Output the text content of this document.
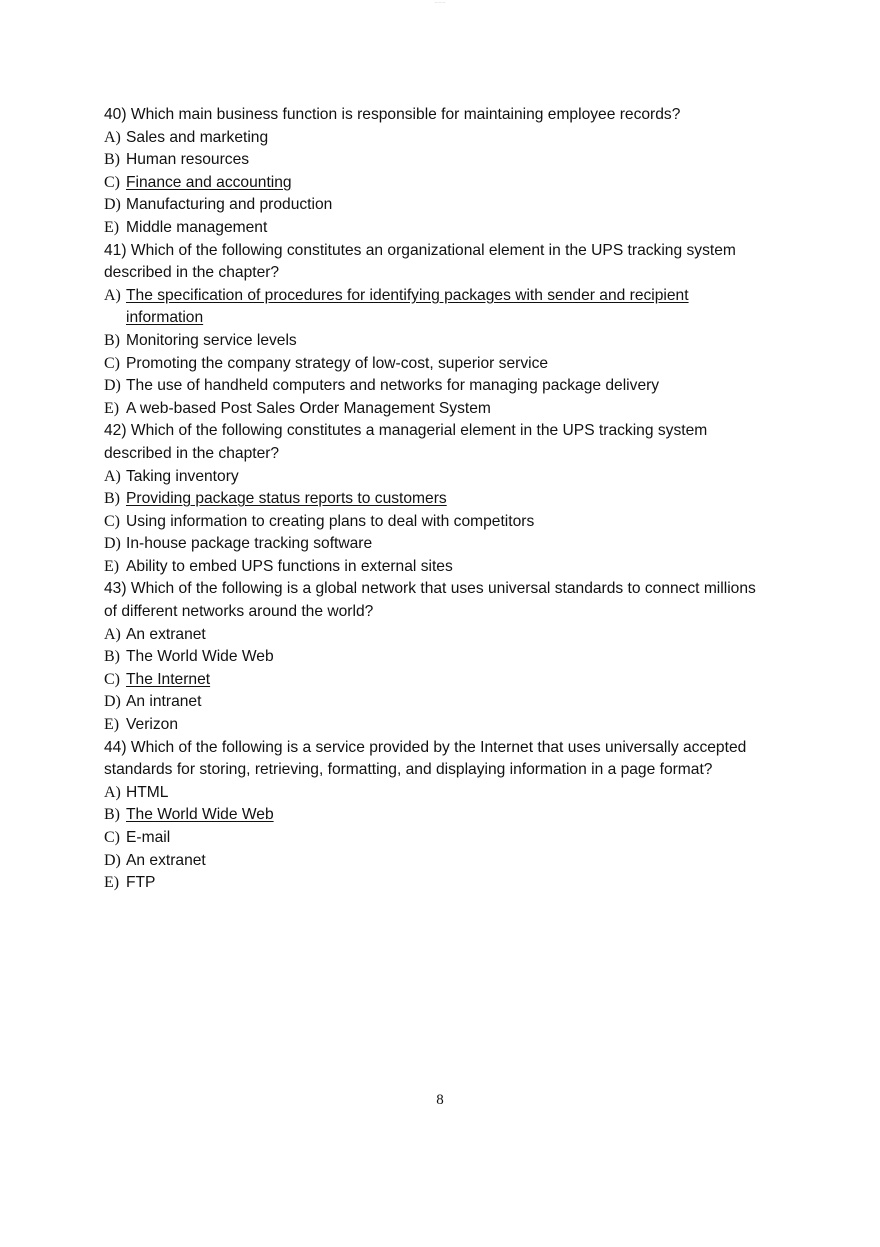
— — —
40) Which main business function is responsible for maintaining employee records?
A) Sales and marketing
B) Human resources
C) Finance and accounting
D) Manufacturing and production
E) Middle management
41) Which of the following constitutes an organizational element in the UPS tracking system
described in the chapter?
A) The specification of procedures for identifying packages with sender and recipient
information
B) Monitoring service levels
C) Promoting the company strategy of low-cost, superior service
D) The use of handheld computers and networks for managing package delivery
E) A web-based Post Sales Order Management System
42) Which of the following constitutes a managerial element in the UPS tracking system
described in the chapter?
A) Taking inventory
B) Providing package status reports to customers
C) Using information to creating plans to deal with competitors
D) In-house package tracking software
E) Ability to embed UPS functions in external sites
43) Which of the following is a global network that uses universal standards to connect millions
of different networks around the world?
A) An extranet
B) The World Wide Web
C) The Internet
D) An intranet
E) Verizon
44) Which of the following is a service provided by the Internet that uses universally accepted
standards for storing, retrieving, formatting, and displaying information in a page format?
A) HTML
B) The World Wide Web
C) E-mail
D) An extranet
E) FTP
8
